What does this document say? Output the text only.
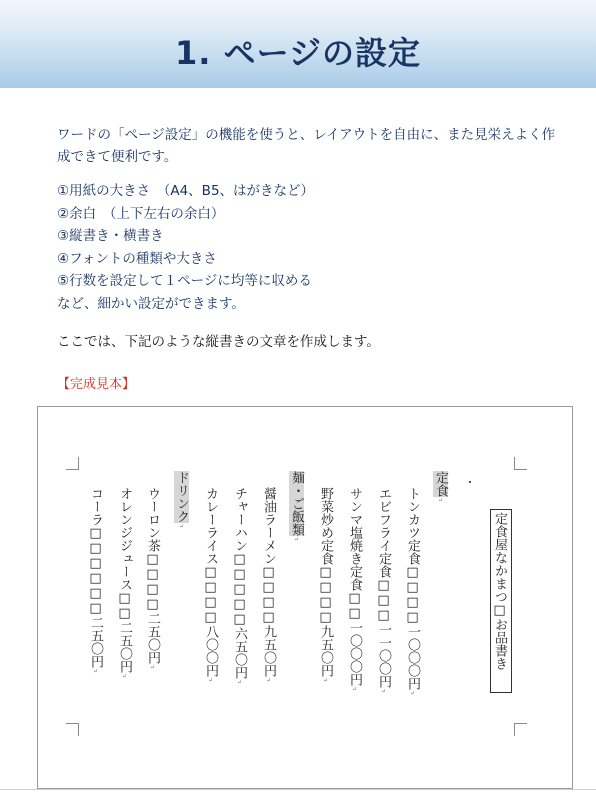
1. ページの設定
ワードの「ページ設定」の機能を使うと、レイアウトを自由に、また見栄えよく作成できて便利です。
①用紙の大きさ　（A4、B5、はがきなど）
②余白　（上下左右の余白）
③縦書き・横書き
④フォントの種類や大きさ
⑤行数を設定して１ページに均等に収める
など、細かい設定ができます。
ここでは、下記のような縦書きの文章を作成します。
【完成見本】
定食屋なかまつ□お品書き
定食↵
トンカツ定食□□□□一〇〇〇円↵
エビフライ定食□□□一一〇〇円↵
サンマ塩焼き定食□□一〇〇〇円↵
野菜炒め定食□□□□九五〇円↵
麺・ご飯類↵
醤油ラーメン□□□□九五〇円↵
チャーハン□□□□□六五〇円↵
カレーライス□□□□八〇〇円↵
ドリンク↵
ウーロン茶□□□□二五〇円↵
オレンジジュース□□二五〇円↵
コーラ□□□□□□二五〇円↵
